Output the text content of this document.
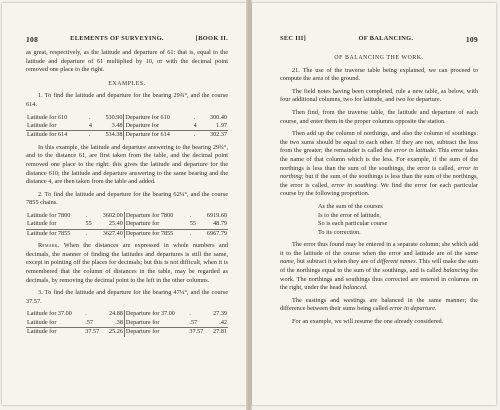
108	ELEMENTS OF SURVEYING.	[BOOK II.

as great, respectively, as the latitude and departure of 61: that is, equal to the latitude and departure of 61 multiplied by 10, or with the decimal point removed one place to the right.

EXAMPLES.

1. To find the latitude and departure for the bearing 29¾°, and the course 614.

Latitude for 610	.	530.90	Departure for 610	.	300.40
Latitude for	4	3.48	Departure for	4	1.97
Latitude for 614	.	534.38	Departure for 614	.	302.37

In this example, the latitude and departure answering to the bearing 29¾°, and to the distance 61, are first taken from the table, and the decimal point removed one place to the right: this gives the latitude and departure for the distance 610; the latitude and departure answering to the same bearing and the distance 4, are then taken from the table and added.

2. To find the latitude and departure for the bearing 62¼°, and the course 7855 chains.

Latitude for 7800	.	3602.00	Departure for 7800	.	6919.60
Latitude for	55	25.40	Departure for	55	48.79
Latitude for 7855	.	3627.40	Departure for 7855	.	6967.79

Remark. When the distances are expressed in whole numbers and decimals, the manner of finding the latitudes and departures is still the same, except in pointing off the places for decimals; but this is not difficult, when it is remembered that the column of distances in the table, may be regarded as decimals, by removing the decimal point to the left in the other columns.

3. To find the latitude and departure for the bearing 47¼°, and the course 37.57.

Latitude for 37.00	.	24.88	Departure for 37.00	.	27.39
Latitude for	.57	.38	Departure for	.57	.42
Latitude for	37.57	25.26	Departure for	37.57	27.81
SEC III]	OF BALANCING.	109
OF BALANCING THE WORK.

21. The use of the traverse table being explained, we can proceed to compute the area of the ground.

The field notes having been completed, rule a new table, as below, with four additional columns, two for latitude, and two for departure.

Then find, from the traverse table, the latitude and departure of each course, and enter them in the proper columns opposite the station.

Then add up the column of northings, and also the column of southings: the two sums should be equal to each other. If they are not, subtract the less from the greater; the remainder is called the error in latitude. This error takes the name of that column which is the less. For example, if the sum of the northings is less than the sum of the southings, the error is called, error in northing; but if the sum of the southings is less than the sum of the northings, the error is called, error in southing. We find the error for each particular course by the following proportion.

As the sum of the courses
Is to the error of latitude,
So is each particular course
To its correction.

The error thus found may be entered in a separate column; she which add it to the latitude of the course when the error and latitude are of the same name, but subtract it when they are of different names. This will make the sum of the northings equal to the sum of the southings, and is called balancing the work. The northings and southings thus corrected are entered in columns on the right, under the head balanced.

The eastings and westings are balanced in the same manner; the difference between their sums being called error in departure.

For an example, we will resume the one already considered.
